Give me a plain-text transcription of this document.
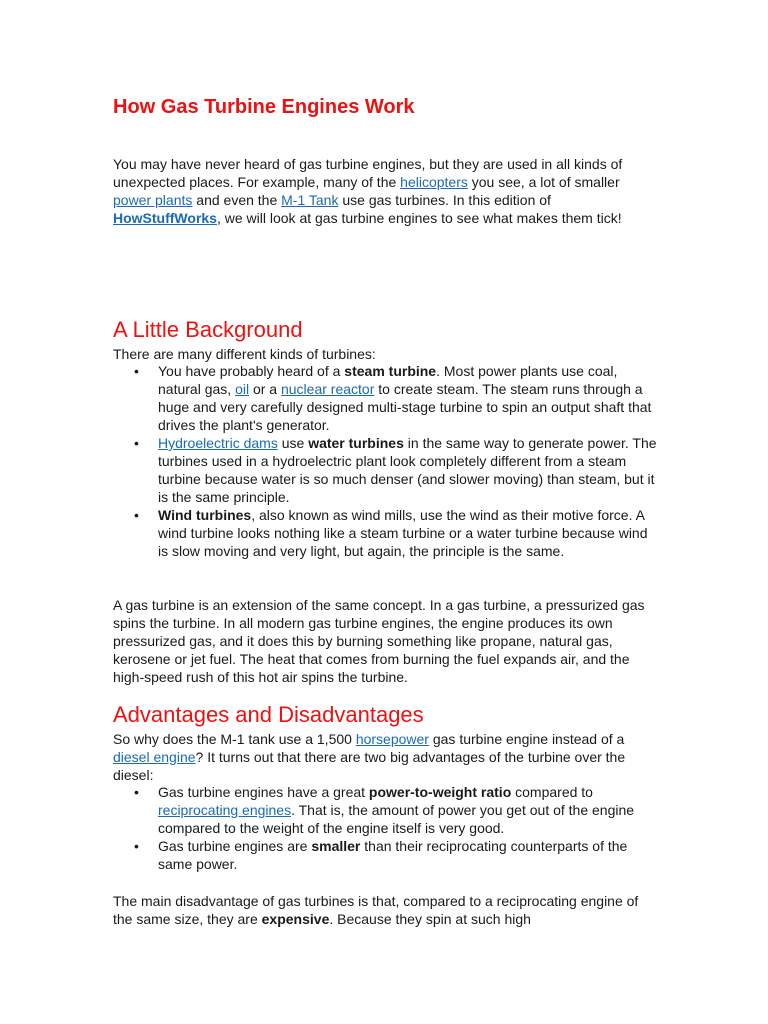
How Gas Turbine Engines Work

You may have never heard of gas turbine engines, but they are used in all kinds of unexpected places. For example, many of the helicopters you see, a lot of smaller power plants and even the M-1 Tank use gas turbines. In this edition of HowStuffWorks, we will look at gas turbine engines to see what makes them tick!

A Little Background

There are many different kinds of turbines:

• You have probably heard of a steam turbine. Most power plants use coal, natural gas, oil or a nuclear reactor to create steam. The steam runs through a huge and very carefully designed multi-stage turbine to spin an output shaft that drives the plant's generator.
• Hydroelectric dams use water turbines in the same way to generate power. The turbines used in a hydroelectric plant look completely different from a steam turbine because water is so much denser (and slower moving) than steam, but it is the same principle.
• Wind turbines, also known as wind mills, use the wind as their motive force. A wind turbine looks nothing like a steam turbine or a water turbine because wind is slow moving and very light, but again, the principle is the same.

A gas turbine is an extension of the same concept. In a gas turbine, a pressurized gas spins the turbine. In all modern gas turbine engines, the engine produces its own pressurized gas, and it does this by burning something like propane, natural gas, kerosene or jet fuel. The heat that comes from burning the fuel expands air, and the high-speed rush of this hot air spins the turbine.

Advantages and Disadvantages

So why does the M-1 tank use a 1,500 horsepower gas turbine engine instead of a diesel engine? It turns out that there are two big advantages of the turbine over the diesel:

• Gas turbine engines have a great power-to-weight ratio compared to reciprocating engines. That is, the amount of power you get out of the engine compared to the weight of the engine itself is very good.
• Gas turbine engines are smaller than their reciprocating counterparts of the same power.

The main disadvantage of gas turbines is that, compared to a reciprocating engine of the same size, they are expensive. Because they spin at such high
